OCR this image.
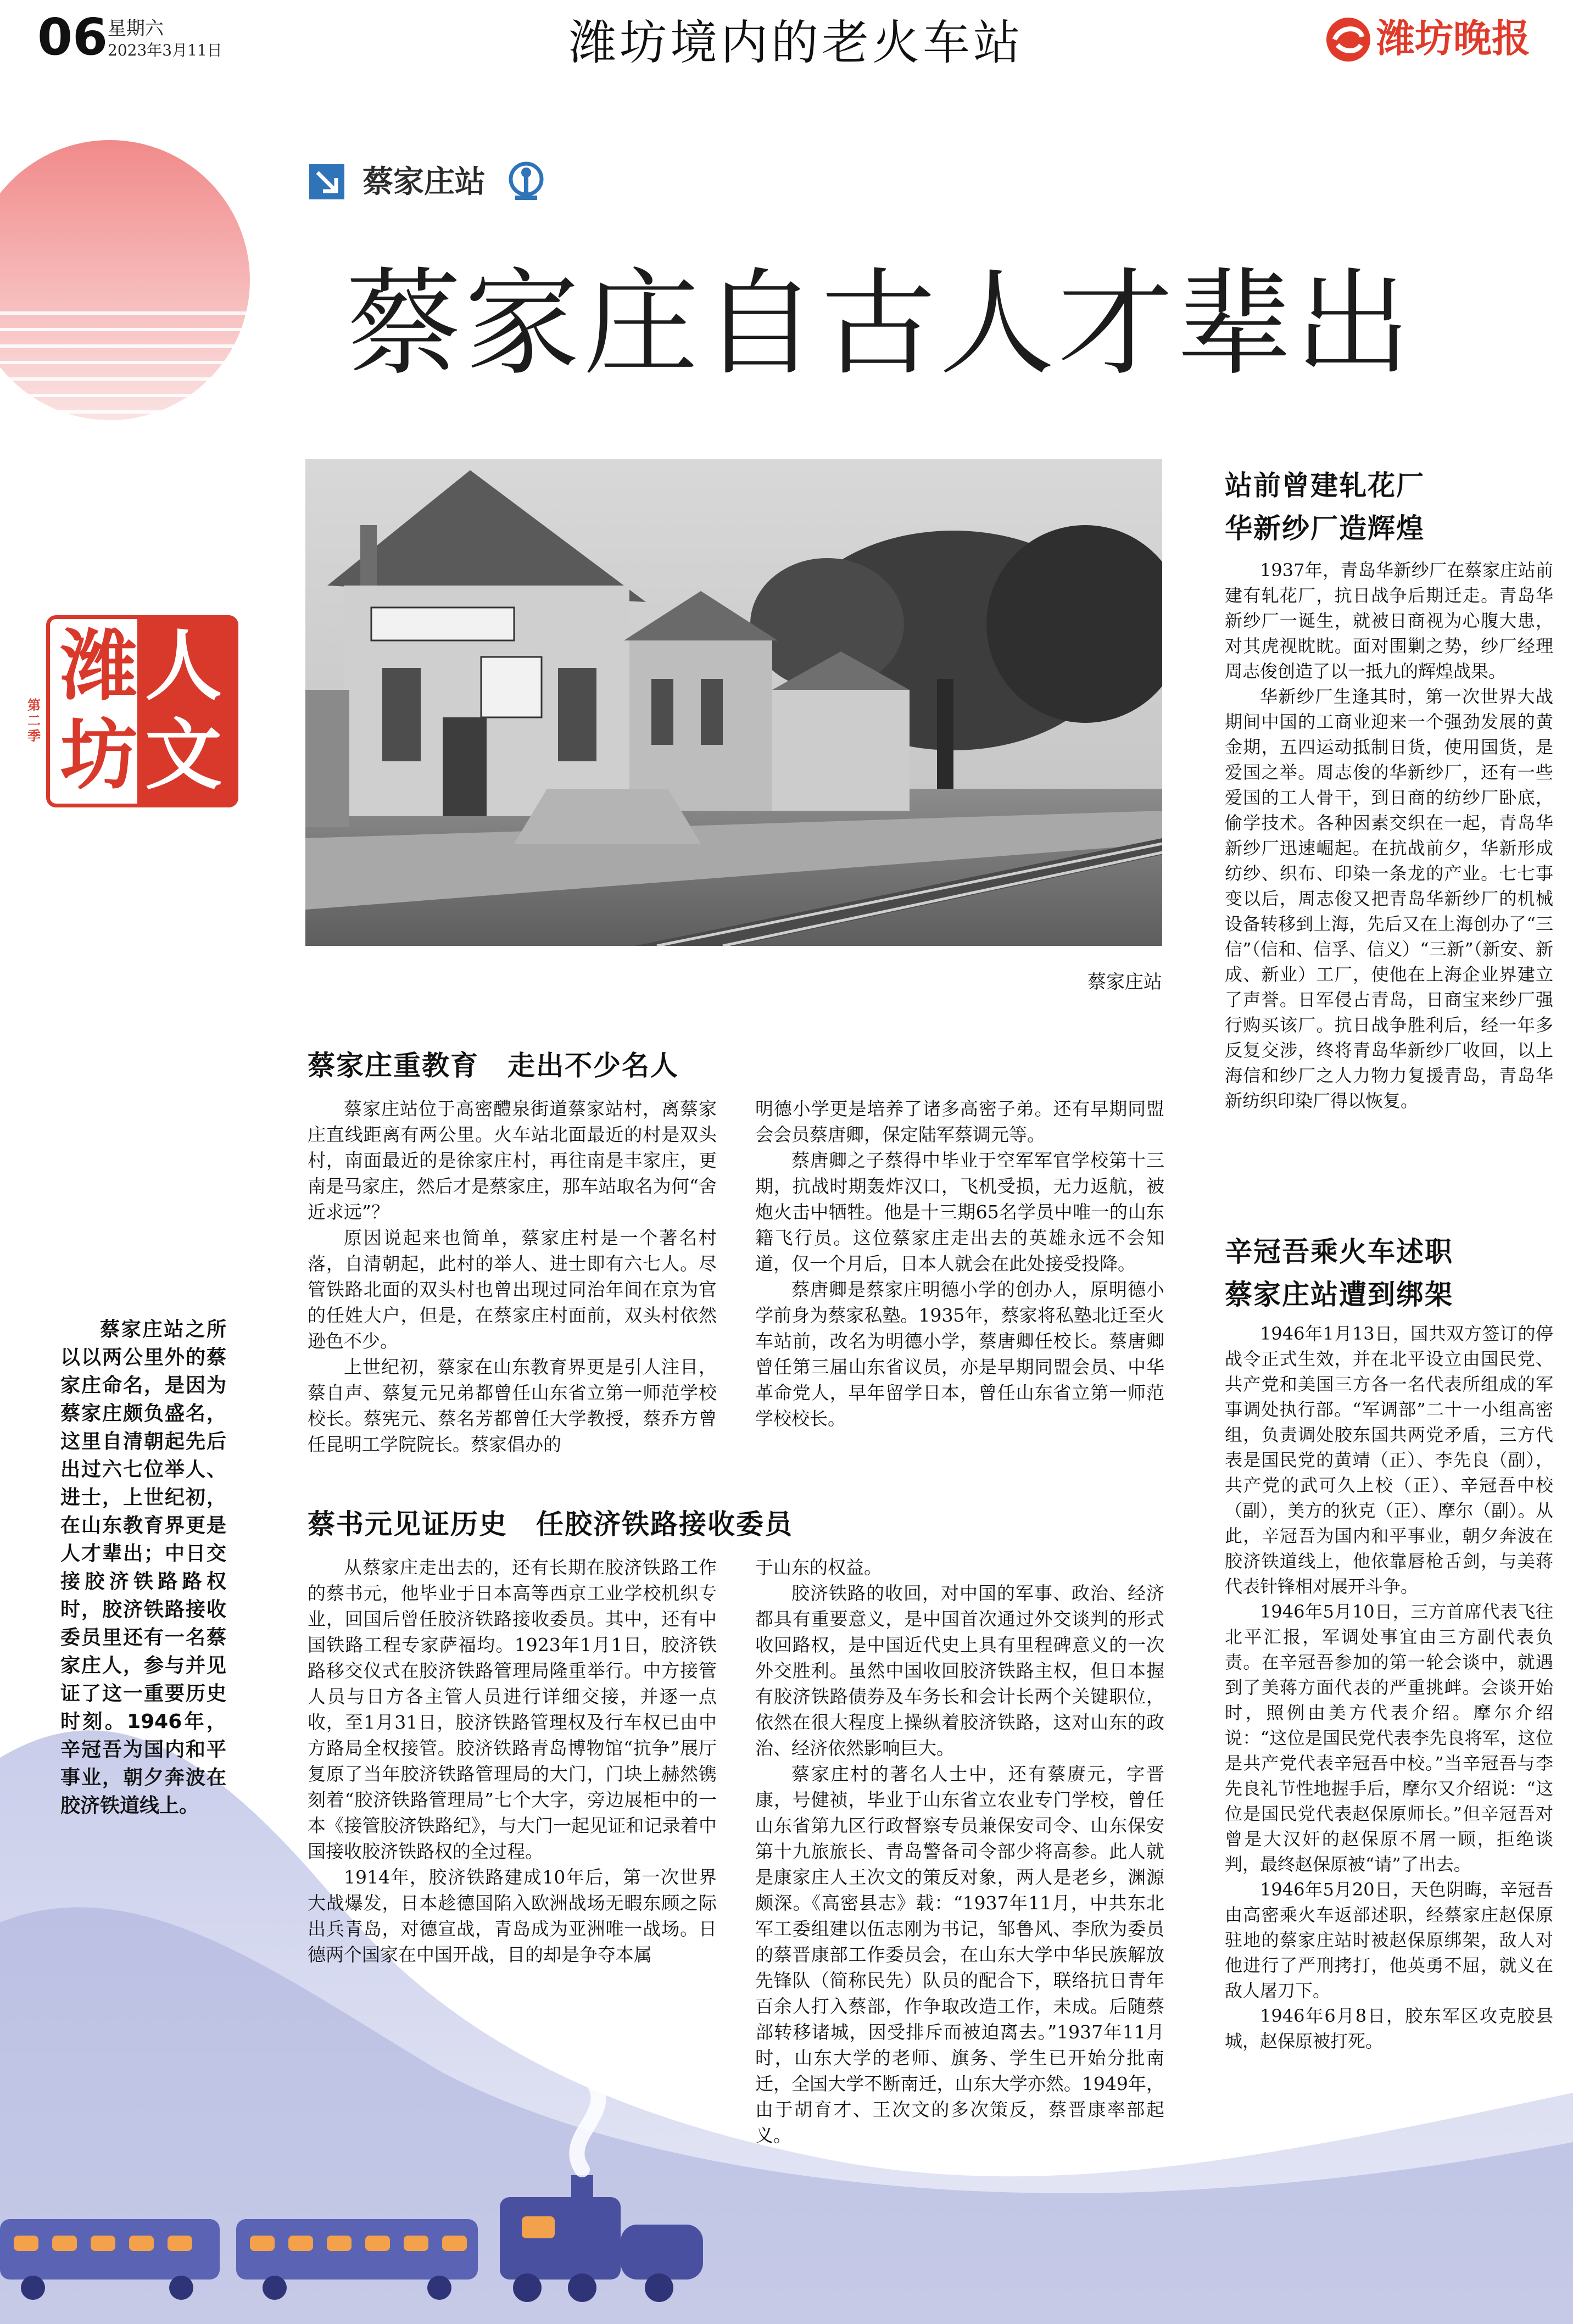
06 星期六
2023年3月11日	潍坊境内的老火车站	潍坊晚报
蔡家庄站
蔡家庄自古人才辈出
潍 人
坊 文
第二季
蔡家庄站
蔡家庄站之所以以两公里外的蔡家庄命名，是因为蔡家庄颇负盛名，这里自清朝起先后出过六七位举人、进士，上世纪初，在山东教育界更是人才辈出；中日交接胶济铁路路权时，胶济铁路接收委员里还有一名蔡家庄人，参与并见证了这一重要历史时刻。1946年，辛冠吾为国内和平事业，朝夕奔波在胶济铁道线上。
蔡家庄重教育　走出不少名人

蔡家庄站位于高密醴泉街道蔡家站村，离蔡家庄直线距离有两公里。火车站北面最近的村是双头村，南面最近的是徐家庄村，再往南是丰家庄，更南是马家庄，然后才是蔡家庄，那车站取名为何“舍近求远”？

原因说起来也简单，蔡家庄村是一个著名村落，自清朝起，此村的举人、进士即有六七人。尽管铁路北面的双头村也曾出现过同治年间在京为官的任姓大户，但是，在蔡家庄村面前，双头村依然逊色不少。

上世纪初，蔡家在山东教育界更是引人注目，蔡自声、蔡复元兄弟都曾任山东省立第一师范学校校长。蔡宪元、蔡名芳都曾任大学教授，蔡乔方曾任昆明工学院院长。蔡家倡办的

明德小学更是培养了诸多高密子弟。还有早期同盟会会员蔡唐卿，保定陆军蔡调元等。

蔡唐卿之子蔡得中毕业于空军军官学校第十三期，抗战时期轰炸汉口，飞机受损，无力返航，被炮火击中牺牲。他是十三期65名学员中唯一的山东籍飞行员。这位蔡家庄走出去的英雄永远不会知道，仅一个月后，日本人就会在此处接受投降。

蔡唐卿是蔡家庄明德小学的创办人，原明德小学前身为蔡家私塾。1935年，蔡家将私塾北迁至火车站前，改名为明德小学，蔡唐卿任校长。蔡唐卿曾任第三届山东省议员，亦是早期同盟会员、中华革命党人，早年留学日本，曾任山东省立第一师范学校校长。

蔡书元见证历史　任胶济铁路接收委员

从蔡家庄走出去的，还有长期在胶济铁路工作的蔡书元，他毕业于日本高等西京工业学校机织专业，回国后曾任胶济铁路接收委员。其中，还有中国铁路工程专家萨福均。1923年1月1日，胶济铁路移交仪式在胶济铁路管理局隆重举行。中方接管人员与日方各主管人员进行详细交接，并逐一点收，至1月31日，胶济铁路管理权及行车权已由中方路局全权接管。胶济铁路青岛博物馆“抗争”展厅复原了当年胶济铁路管理局的大门，门块上赫然镌刻着“胶济铁路管理局”七个大字，旁边展柜中的一本《接管胶济铁路纪》，与大门一起见证和记录着中国接收胶济铁路权的全过程。

1914年，胶济铁路建成10年后，第一次世界大战爆发，日本趁德国陷入欧洲战场无暇东顾之际出兵青岛，对德宣战，青岛成为亚洲唯一战场。日德两个国家在中国开战，目的却是争夺本属

于山东的权益。

胶济铁路的收回，对中国的军事、政治、经济都具有重要意义，是中国首次通过外交谈判的形式收回路权，是中国近代史上具有里程碑意义的一次外交胜利。虽然中国收回胶济铁路主权，但日本握有胶济铁路债券及车务长和会计长两个关键职位，依然在很大程度上操纵着胶济铁路，这对山东的政治、经济依然影响巨大。

蔡家庄村的著名人士中，还有蔡赓元，字晋康，号健祯，毕业于山东省立农业专门学校，曾任山东省第九区行政督察专员兼保安司令、山东保安第十九旅旅长、青岛警备司令部少将高参。此人就是康家庄人王次文的策反对象，两人是老乡，渊源颇深。《高密县志》载：“1937年11月，中共东北军工委组建以伍志刚为书记，邹鲁风、李欣为委员的蔡晋康部工作委员会，在山东大学中华民族解放先锋队（简称民先）队员的配合下，联络抗日青年百余人打入蔡部，作争取改造工作，未成。后随蔡部转移诸城，因受排斥而被迫离去。”1937年11月时，山东大学的老师、旗务、学生已开始分批南迁，全国大学不断南迁，山东大学亦然。1949年，由于胡育才、王次文的多次策反，蔡晋康率部起义。

站前曾建轧花厂
华新纱厂造辉煌

1937年，青岛华新纱厂在蔡家庄站前建有轧花厂，抗日战争后期迁走。青岛华新纱厂一诞生，就被日商视为心腹大患，对其虎视眈眈。面对围剿之势，纱厂经理周志俊创造了以一抵九的辉煌战果。

华新纱厂生逢其时，第一次世界大战期间中国的工商业迎来一个强劲发展的黄金期，五四运动抵制日货，使用国货，是爱国之举。周志俊的华新纱厂，还有一些爱国的工人骨干，到日商的纺纱厂卧底，偷学技术。各种因素交织在一起，青岛华新纱厂迅速崛起。在抗战前夕，华新形成纺纱、织布、印染一条龙的产业。七七事变以后，周志俊又把青岛华新纱厂的机械设备转移到上海，先后又在上海创办了“三信”（信和、信孚、信义）“三新”（新安、新成、新业）工厂，使他在上海企业界建立了声誉。日军侵占青岛，日商宝来纱厂强行购买该厂。抗日战争胜利后，经一年多反复交涉，终将青岛华新纱厂收回，以上海信和纱厂之人力物力复援青岛，青岛华新纺织印染厂得以恢复。

辛冠吾乘火车述职
蔡家庄站遭到绑架

1946年1月13日，国共双方签订的停战令正式生效，并在北平设立由国民党、共产党和美国三方各一名代表所组成的军事调处执行部。“军调部”二十一小组高密组，负责调处胶东国共两党矛盾，三方代表是国民党的黄靖（正）、李先良（副），共产党的武可久上校（正）、辛冠吾中校（副），美方的狄克（正）、摩尔（副）。从此，辛冠吾为国内和平事业，朝夕奔波在胶济铁道线上，他依靠唇枪舌剑，与美蒋代表针锋相对展开斗争。

1946年5月10日，三方首席代表飞往北平汇报，军调处事宜由三方副代表负责。在辛冠吾参加的第一轮会谈中，就遇到了美蒋方面代表的严重挑衅。会谈开始时，照例由美方代表介绍。摩尔介绍说：“这位是国民党代表李先良将军，这位是共产党代表辛冠吾中校。”当辛冠吾与李先良礼节性地握手后，摩尔又介绍说：“这位是国民党代表赵保原师长。”但辛冠吾对曾是大汉奸的赵保原不屑一顾，拒绝谈判，最终赵保原被“请”了出去。

1946年5月20日，天色阴晦，辛冠吾由高密乘火车返部述职，经蔡家庄赵保原驻地的蔡家庄站时被赵保原绑架，敌人对他进行了严刑拷打，他英勇不屈，就义在敌人屠刀下。

1946年6月8日，胶东军区攻克胶县城，赵保原被打死。
